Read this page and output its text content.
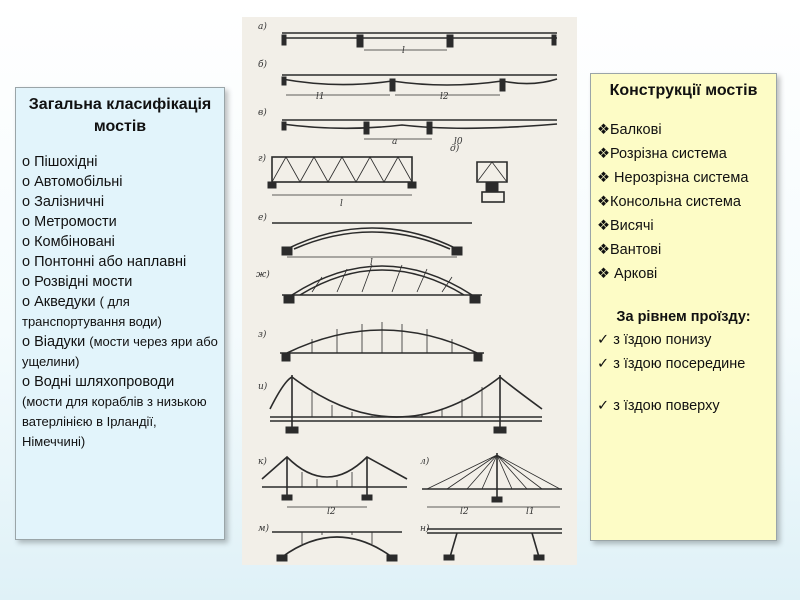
Загальна класифікація мостів
o Пішохідні
o Автомобільні
o Залізничні
o Метромости
o Комбіновані
o Понтонні або наплавні
o Розвідні мости
o Акведуки ( для транспортування води)
o Віадуки (мости через яри або ущелини)
o Водні шляхопроводи (мости для кораблів з низькою ватерлінією в Ірландії, Німеччині)
а)
l
б)
l1	l2
в)
a	l0
г)
l
д)
е)
l
ж)
з)
и)
к)
l2
л)
l1
l2
м)	н)
Конструкції мостів
❖Балкові
❖Розрізна система
❖ Нерозрізна система
❖Консольна система
❖Висячі
❖Вантові
❖ Аркові
За рівнем проїзду:
✓ з їздою понизу
✓ з їздою посередине
✓ з їздою поверху
